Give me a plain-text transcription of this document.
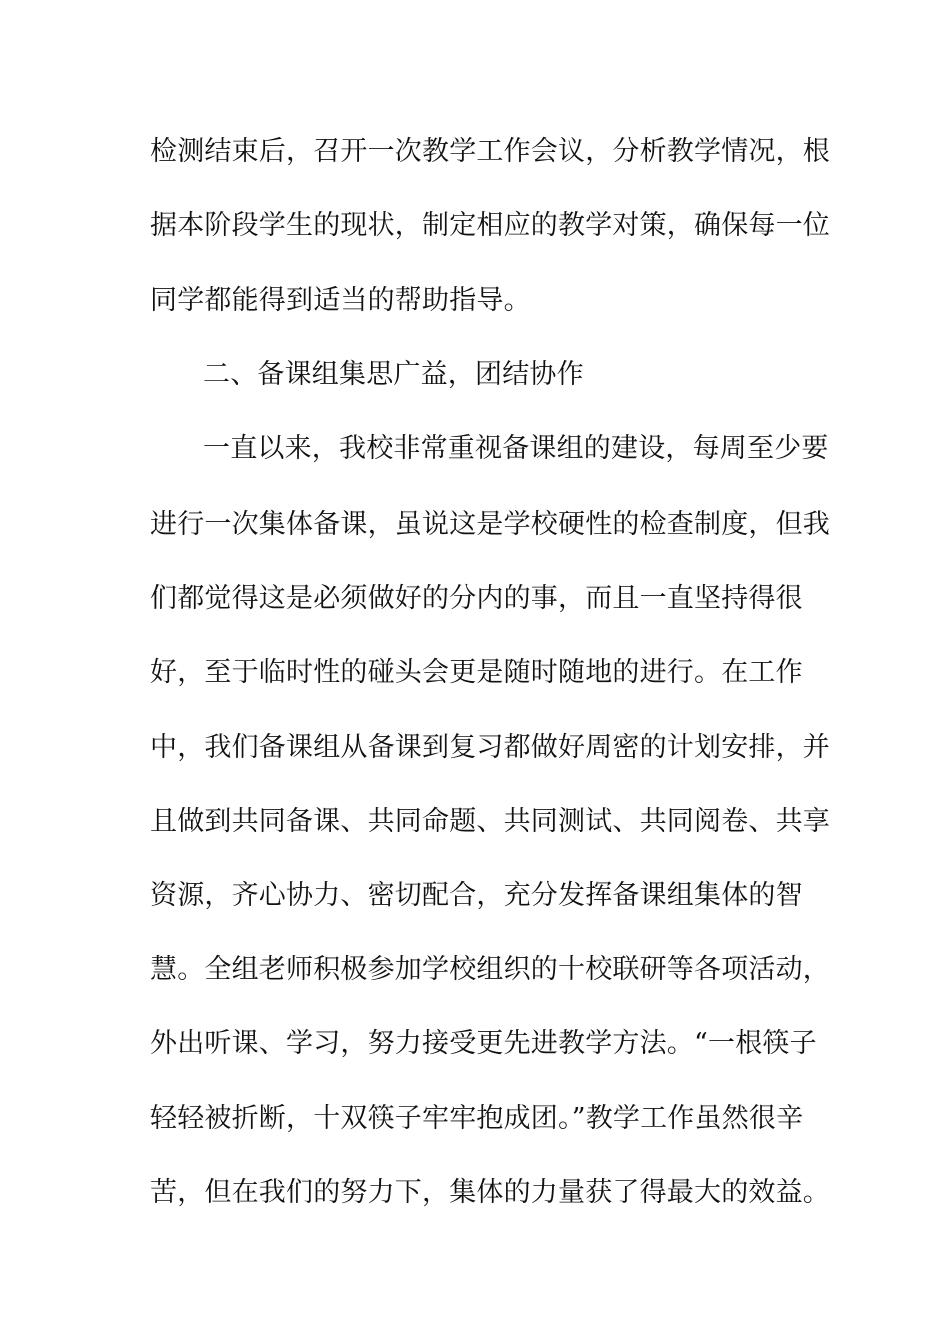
检测结束后，召开一次教学工作会议，分析教学情况，根
据本阶段学生的现状，制定相应的教学对策，确保每一位
同学都能得到适当的帮助指导。
二、备课组集思广益，团结协作
一直以来，我校非常重视备课组的建设，每周至少要
进行一次集体备课，虽说这是学校硬性的检查制度，但我
们都觉得这是必须做好的分内的事，而且一直坚持得很
好，至于临时性的碰头会更是随时随地的进行。在工作
中，我们备课组从备课到复习都做好周密的计划安排，并
且做到共同备课、共同命题、共同测试、共同阅卷、共享
资源，齐心协力、密切配合，充分发挥备课组集体的智
慧。全组老师积极参加学校组织的十校联研等各项活动，
外出听课、学习，努力接受更先进教学方法。“一根筷子
轻轻被折断，十双筷子牢牢抱成团。”教学工作虽然很辛
苦，但在我们的努力下，集体的力量获了得最大的效益。
